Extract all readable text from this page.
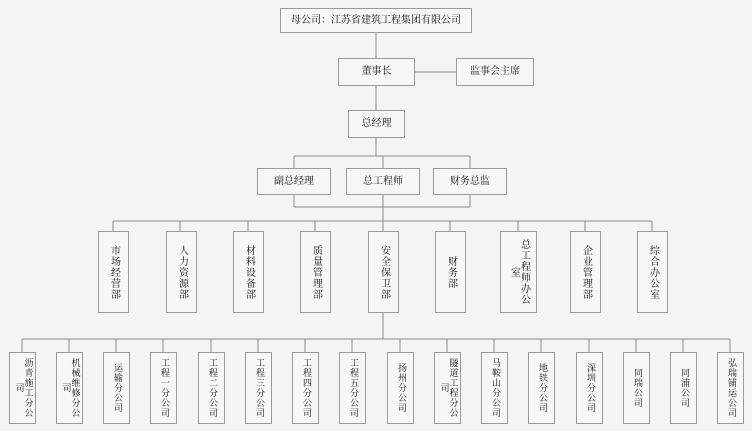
母公司：江苏省建筑工程集团有限公司
董事长	监事会主席
总经理
副总经理	总工程师	财务总监
市场经营部	人力资源部	材料设备部	质量管理部	安全保卫部	财务部	总工程师办公室	企业管理部	综合办公室
沥青施工分公司	机械维修分公司	运输分公司	工程一分公司	工程二分公司	工程三分公司	工程四分公司	工程五分公司	扬州分公司	隧道工程分公司	马鞍山分公司	地铁分公司	深圳分公司	同瑞公司	同浦公司	弘瑞铺运公司
